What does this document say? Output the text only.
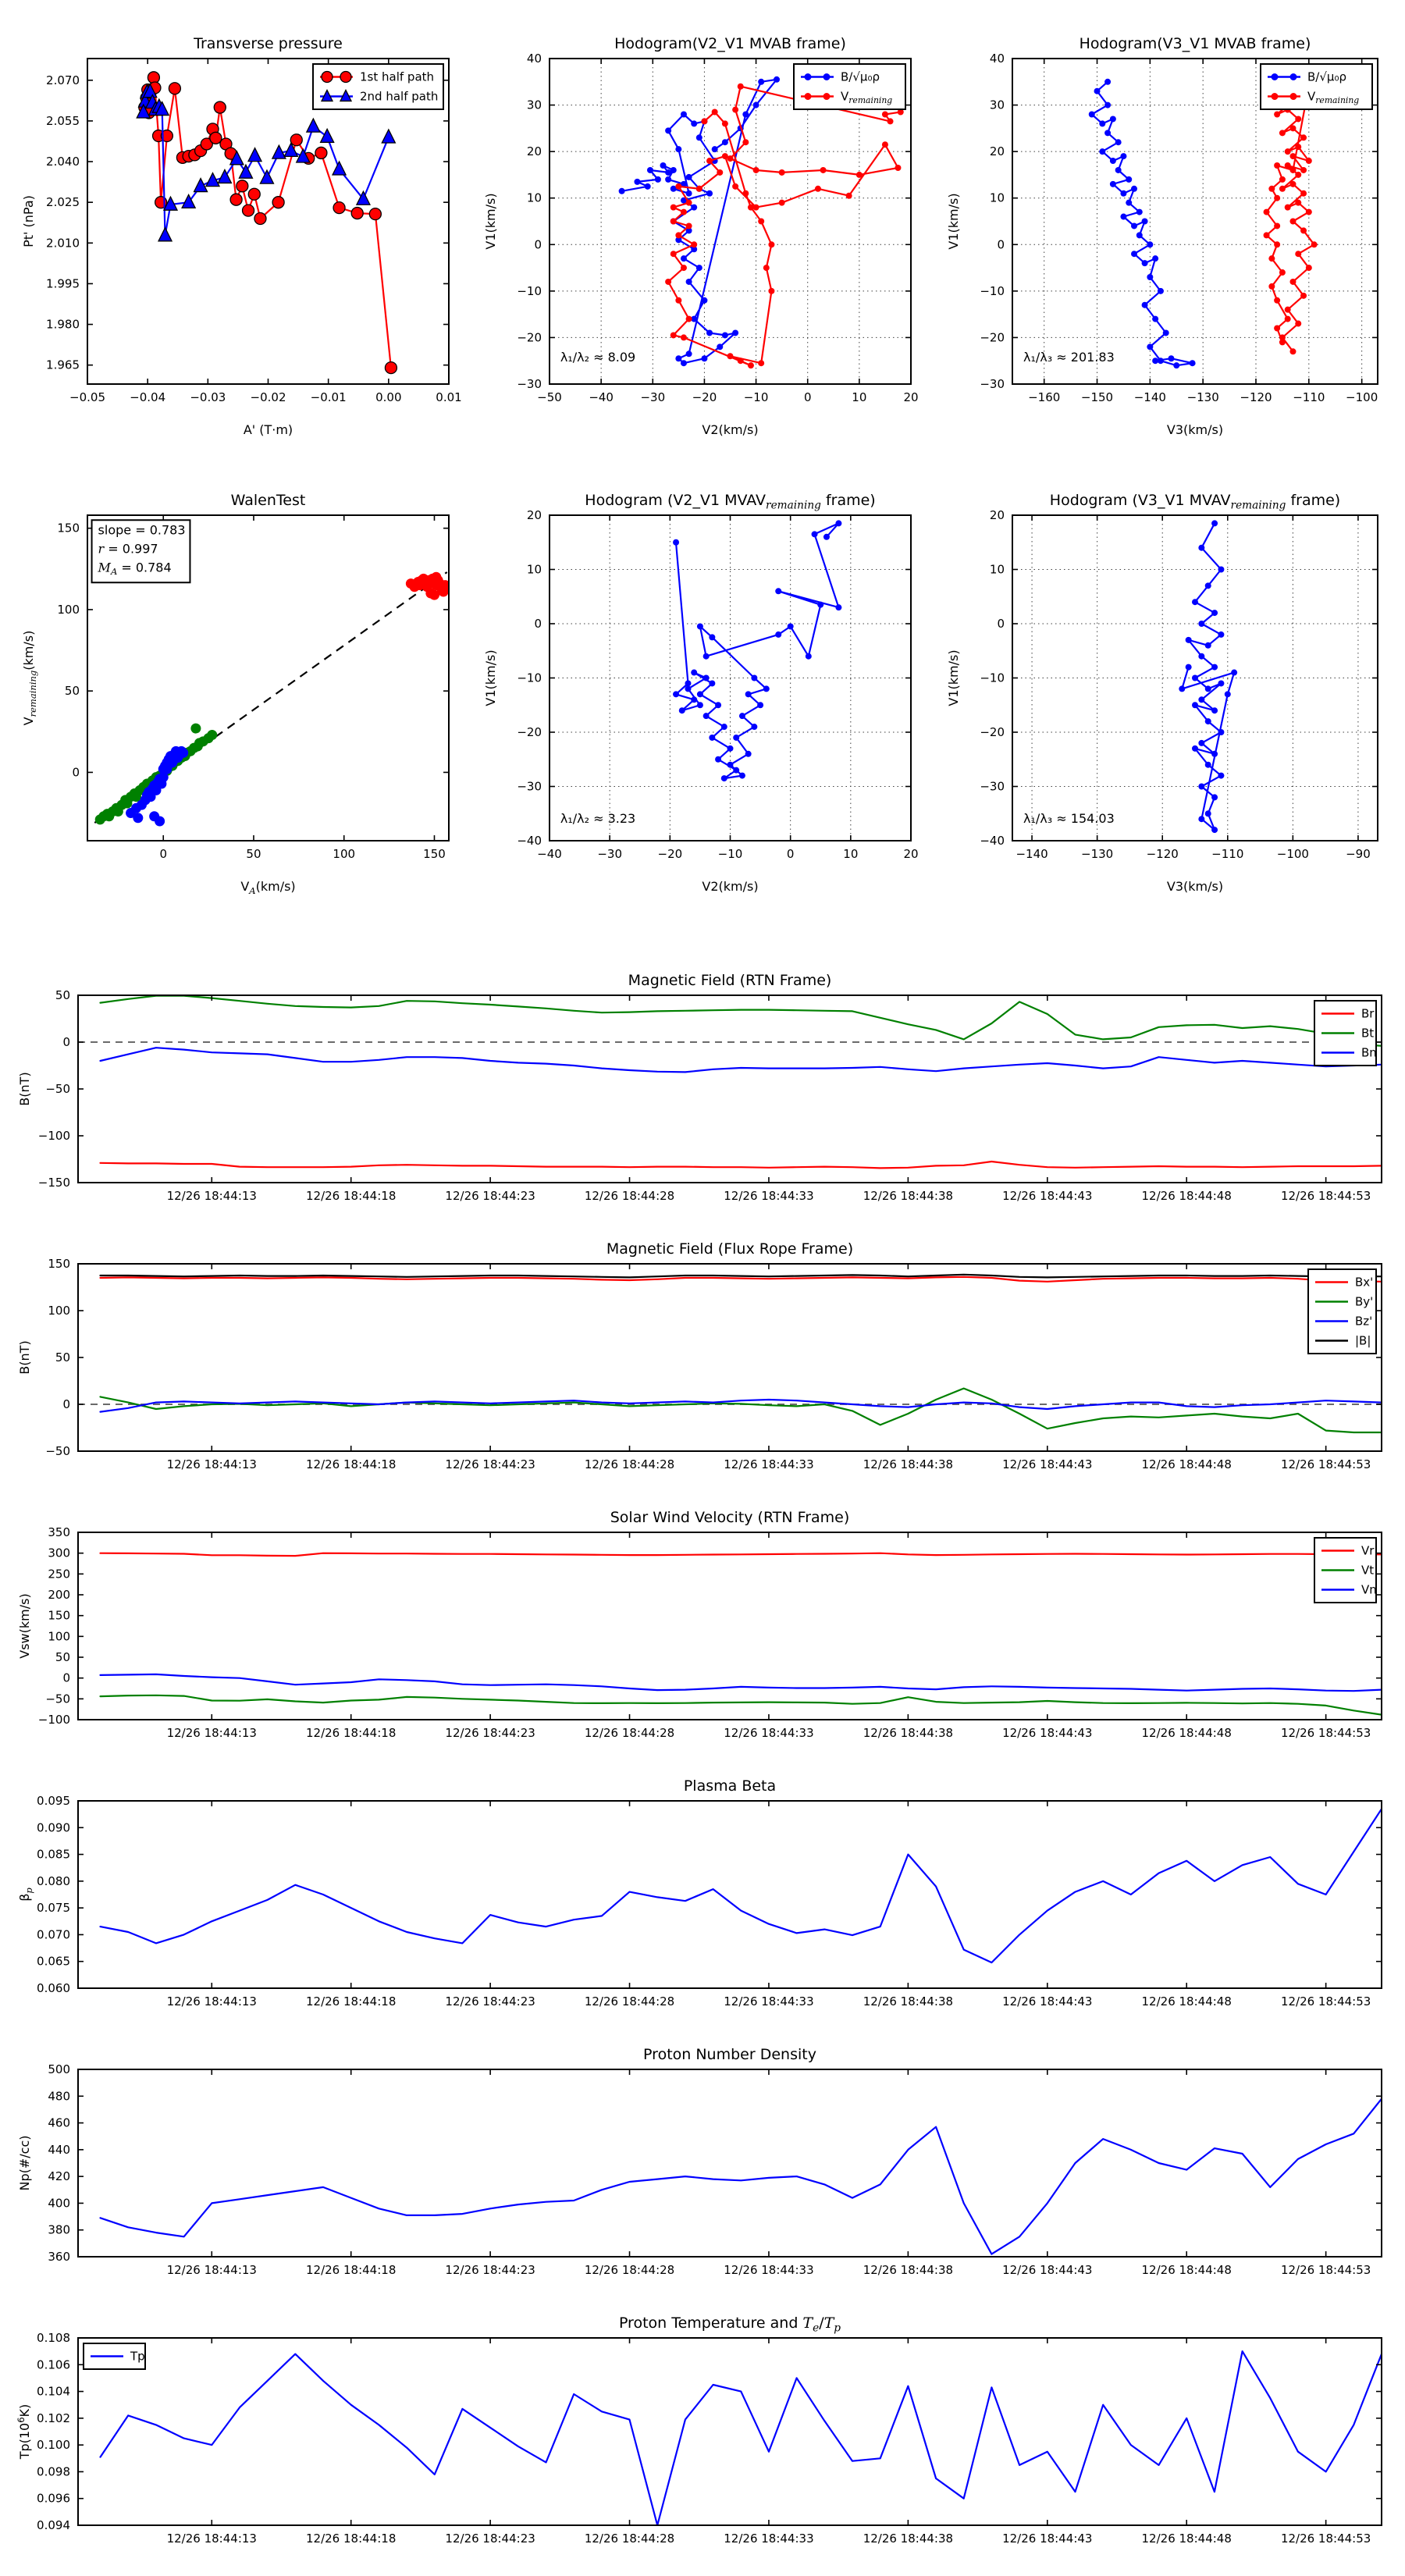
−0.05 −0.04 −0.03 −0.02 −0.01 0.00	0.01
1.965
1.980
1.995
2.010
2.025
2.040
2.055
2.070
Transverse pressure
A' (T·m)
Pt' (nPa)
1st half path
2nd half path
−50 −40 −30 −20 −10	0	10	20
−30
−20
−10
0
10
20
30
40
Hodogram(V2_V1 MVAB frame)
V2(km/s)
V1(km/s)
λ₁/λ₂ ≈ 8.09
B/√μ₀ρ
$V_{remaining}$
−160 −150 −140 −130 −120 −110 −100
−30
−20
−10
0
10
20
30
40
Hodogram(V3_V1 MVAB frame)
V3(km/s)
V1(km/s)
λ₁/λ₃ ≈ 201.83
B/√μ₀ρ
$V_{remaining}$
0	50	100	150
0
50
100
150
WalenTest
$V_A(km/s)$
$V_{remaining}(km/s)$
slope = 0.783
r = 0.997
$M_A = 0.784$
−40	−30	−20	−10	0	10	20
−40
−30
−20
−10
0
10
20
Hodogram (V2_V1 $MVAV_{remaining}$ frame)
V2(km/s)
V1(km/s)
λ₁/λ₂ ≈ 3.23
−140	−130	−120	−110	−100	−90
−40
−30
−20
−10
0
10
20
Hodogram (V3_V1 $MVAV_{remaining}$ frame)
V3(km/s)
V1(km/s)
λ₁/λ₃ ≈ 154.03
12/26 18:44:13	12/26 18:44:18	12/26 18:44:23	12/26 18:44:28	12/26 18:44:33	12/26 18:44:38	12/26 18:44:43	12/26 18:44:48	12/26 18:44:53
−150
−100
−50
0
50
Magnetic Field (RTN Frame)
B(nT)
Br
Bt
Bn
12/26 18:44:13	12/26 18:44:18	12/26 18:44:23	12/26 18:44:28	12/26 18:44:33	12/26 18:44:38	12/26 18:44:43	12/26 18:44:48	12/26 18:44:53
−50
0
50
100
150
Magnetic Field (Flux Rope Frame)
B(nT)
Bx'
By'
Bz'
|B|
12/26 18:44:13	12/26 18:44:18	12/26 18:44:23	12/26 18:44:28	12/26 18:44:33	12/26 18:44:38	12/26 18:44:43	12/26 18:44:48	12/26 18:44:53
−100
−50
0
50
100
150
200
250
300
350
Solar Wind Velocity (RTN Frame)
Vsw(km/s)
Vr
Vt
Vn
12/26 18:44:13	12/26 18:44:18	12/26 18:44:23	12/26 18:44:28	12/26 18:44:33	12/26 18:44:38	12/26 18:44:43	12/26 18:44:48	12/26 18:44:53
0.060
0.065
0.070
0.075
0.080
0.085
0.090
0.095
Plasma Beta
$\beta_p$
12/26 18:44:13	12/26 18:44:18	12/26 18:44:23	12/26 18:44:28	12/26 18:44:33	12/26 18:44:38	12/26 18:44:43	12/26 18:44:48	12/26 18:44:53
360
380
400
420
440
460
480
500
Proton Number Density
Np(#/cc)
12/26 18:44:13	12/26 18:44:18	12/26 18:44:23	12/26 18:44:28	12/26 18:44:33	12/26 18:44:38	12/26 18:44:43	12/26 18:44:48	12/26 18:44:53
0.094
0.096
0.098
0.100
0.102
0.104
0.106
0.108
Proton Temperature and $T_e/T_p$
$Tp(10^6K)$
Tp
